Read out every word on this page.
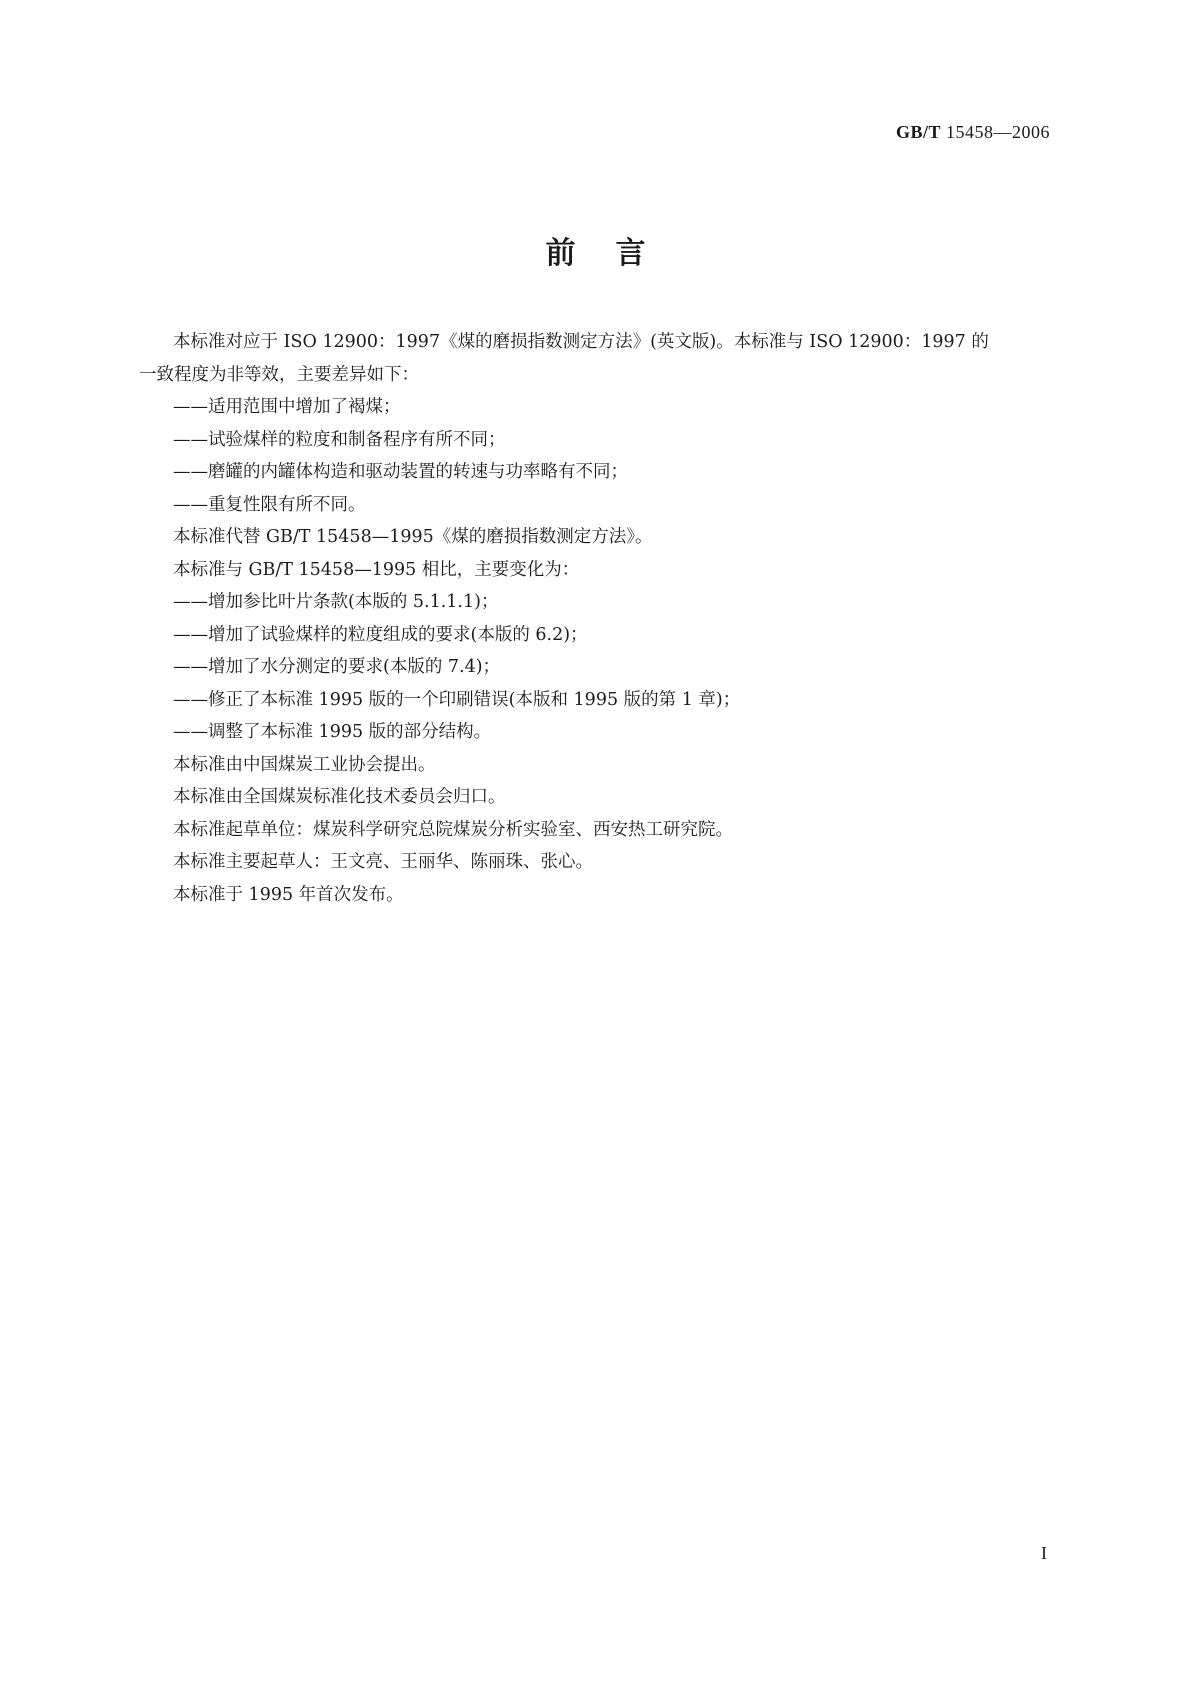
GB/T 15458—2006
前言

本标准对应于 ISO 12900：1997《煤的磨损指数测定方法》(英文版)。本标准与 ISO 12900：1997 的

一致程度为非等效，主要差异如下：

——适用范围中增加了褐煤；

——试验煤样的粒度和制备程序有所不同；

——磨罐的内罐体构造和驱动装置的转速与功率略有不同；

——重复性限有所不同。

本标准代替 GB/T 15458—1995《煤的磨损指数测定方法》。

本标准与 GB/T 15458—1995 相比，主要变化为：

——增加参比叶片条款(本版的 5.1.1.1)；

——增加了试验煤样的粒度组成的要求(本版的 6.2)；

——增加了水分测定的要求(本版的 7.4)；

——修正了本标准 1995 版的一个印刷错误(本版和 1995 版的第 1 章)；

——调整了本标准 1995 版的部分结构。

本标准由中国煤炭工业协会提出。

本标准由全国煤炭标准化技术委员会归口。

本标准起草单位：煤炭科学研究总院煤炭分析实验室、西安热工研究院。

本标准主要起草人：王文亮、王丽华、陈丽珠、张心。

本标准于 1995 年首次发布。

I
